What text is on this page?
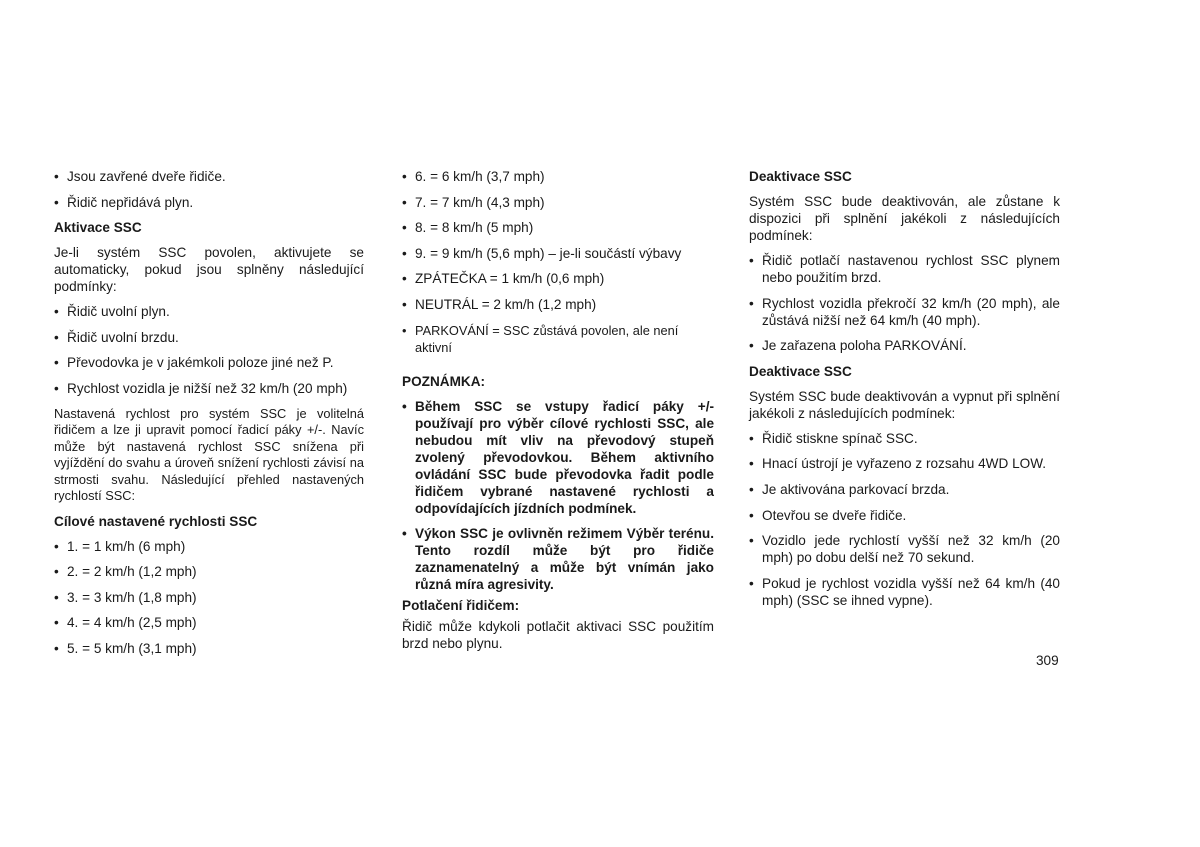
• Jsou zavřené dveře řidiče.
• Řidič nepřidává plyn.
Aktivace SSC
Je-li systém SSC povolen, aktivujete se automaticky, pokud jsou splněny následující podmínky:
• Řidič uvolní plyn.
• Řidič uvolní brzdu.
• Převodovka je v jakémkoli poloze jiné než P.
• Rychlost vozidla je nižší než 32 km/h (20 mph)
Nastavená rychlost pro systém SSC je volitelná řidičem a lze ji upravit pomocí řadicí páky +/-. Navíc může být nastavená rychlost SSC snížena při vyjíždění do svahu a úroveň snížení rychlosti závisí na strmosti svahu. Následující přehled nastavených rychlostí SSC:
Cílové nastavené rychlosti SSC
• 1. = 1 km/h (6 mph)
• 2. = 2 km/h (1,2 mph)
• 3. = 3 km/h (1,8 mph)
• 4. = 4 km/h (2,5 mph)
• 5. = 5 km/h (3,1 mph)
• 6. = 6 km/h (3,7 mph)
• 7. = 7 km/h (4,3 mph)
• 8. = 8 km/h (5 mph)
• 9. = 9 km/h (5,6 mph) – je-li součástí výbavy
• ZPÁTEČKA = 1 km/h (0,6 mph)
• NEUTRÁL = 2 km/h (1,2 mph)
• PARKOVÁNÍ = SSC zůstává povolen, ale není aktivní
POZNÁMKA:
• Během SSC se vstupy řadicí páky +/- používají pro výběr cílové rychlosti SSC, ale nebudou mít vliv na převodový stupeň zvolený převodovkou. Během aktivního ovládání SSC bude převodovka řadit podle řidičem vybrané nastavené rychlosti a odpovídajících jízdních podmínek.
• Výkon SSC je ovlivněn režimem Výběr terénu. Tento rozdíl může být pro řidiče zaznamenatelný a může být vnímán jako různá míra agresivity.
Potlačení řidičem:
Řidič může kdykoli potlačit aktivaci SSC použitím brzd nebo plynu.
Deaktivace SSC
Systém SSC bude deaktivován, ale zůstane k dispozici při splnění jakékoli z následujících podmínek:
• Řidič potlačí nastavenou rychlost SSC plynem nebo použitím brzd.
• Rychlost vozidla překročí 32 km/h (20 mph), ale zůstává nižší než 64 km/h (40 mph).
• Je zařazena poloha PARKOVÁNÍ.
Deaktivace SSC
Systém SSC bude deaktivován a vypnut při splnění jakékoli z následujících podmínek:
• Řidič stiskne spínač SSC.
• Hnací ústrojí je vyřazeno z rozsahu 4WD LOW.
• Je aktivována parkovací brzda.
• Otevřou se dveře řidiče.
• Vozidlo jede rychlostí vyšší než 32 km/h (20 mph) po dobu delší než 70 sekund.
• Pokud je rychlost vozidla vyšší než 64 km/h (40 mph) (SSC se ihned vypne).
309
